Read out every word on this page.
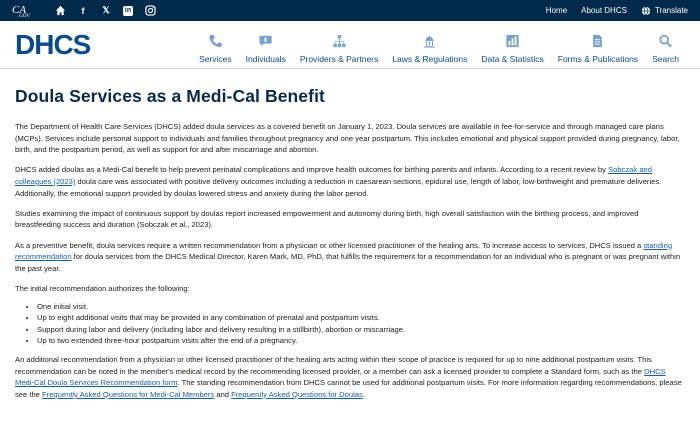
CA
.GOV
f	𝕏	in	Home About DHCS	Translate
DHCS	Services Individuals Providers & Partners Laws & Regulations Data & Statistics Forms & Publications Search
Doula Services as a Medi-Cal Benefit

The Department of Health Care Services (DHCS) added doula services as a covered benefit on January 1, 2023. Doula services are available in fee-for-service and through managed care plans (MCPs). Services include personal support to individuals and families throughout pregnancy and one year postpartum. This includes emotional and physical support provided during pregnancy, labor, birth, and the postpartum period, as well as support for and after miscarriage and abortion.

DHCS added doulas as a Medi-Cal benefit to help prevent perinatal complications and improve health outcomes for birthing parents and infants. According to a recent review by Sobczak and colleagues (2023) doula care was associated with positive delivery outcomes including a reduction in caesarean sections, epidural use, length of labor, low-birthweight and premature deliveries. Additionally, the emotional support provided by doulas lowered stress and anxiety during the labor period.

Studies examining the impact of continuous support by doulas report increased empowerment and autonomy during birth, high overall satisfaction with the birthing process, and improved breastfeeding success and duration (Sobczak et al., 2023).

As a preventive benefit, doula services require a written recommendation from a physician or other licensed practitioner of the healing arts. To increase access to services, DHCS issued a standing recommendation for doula services from the DHCS Medical Director, Karen Mark, MD, PhD, that fulfills the requirement for a recommendation for an individual who is pregnant or was pregnant within the past year.

The initial recommendation authorizes the following:

• One initial visit.
• Up to eight additional visits that may be provided in any combination of prenatal and postpartum visits.
• Support during labor and delivery (including labor and delivery resulting in a stillbirth), abortion or miscarriage.
• Up to two extended three-hour postpartum visits after the end of a pregnancy.

An additional recommendation from a physician or other licensed practitioner of the healing arts acting within their scope of practice is required for up to nine additional postpartum visits. This recommendation can be noted in the member's medical record by the recommending licensed provider, or a member can ask a licensed provider to complete a Standard form, such as the DHCS Medi-Cal Doula Services Recommendation form. The standing recommendation from DHCS cannot be used for additional postpartum visits. For more information regarding recommendations, please see the Frequently Asked Questions for Medi-Cal Members and Frequently Asked Questions for Doulas.
